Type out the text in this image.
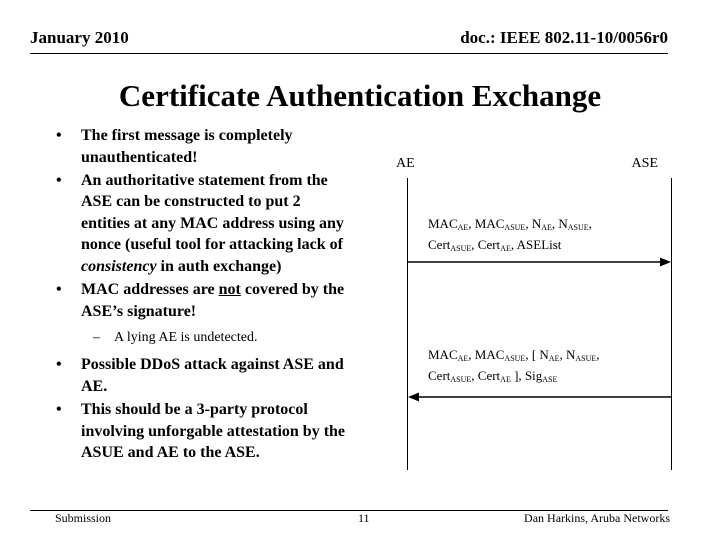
January 2010	doc.: IEEE 802.11-10/0056r0
Certificate Authentication Exchange
• The first message is completely unauthenticated!
• An authoritative statement from the ASE can be constructed to put 2 entities at any MAC address using any nonce (useful tool for attacking lack of consistency in auth exchange)
• MAC addresses are not covered by the ASE’s signature!
– A lying AE is undetected.
• Possible DDoS attack against ASE and AE.
• This should be a 3-party protocol involving unforgable attestation by the ASUE and AE to the ASE.
AE	ASE
$MAC_{AE}$, $MAC_{ASUE}$, $N_{AE}$, $N_{ASUE}$,
Cert$_{ASUE}$, Cert$_{AE}$, ASEList
$MAC_{AE}$, $MAC_{ASUE}$, [ $N_{AE}$, $N_{ASUE}$,
Cert$_{ASUE}$, Cert$_{AE}$ ], Sig$_{ASE}$
Submission	11	Dan Harkins, Aruba Networks
